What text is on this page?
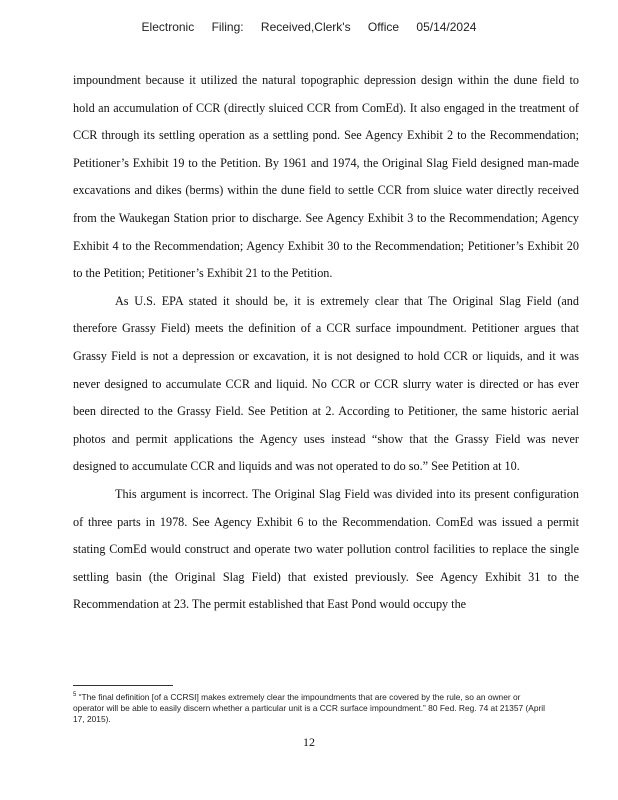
Electronic Filing: Received,Clerk's Office 05/14/2024

impoundment because it utilized the natural topographic depression design within the dune field to hold an accumulation of CCR (directly sluiced CCR from ComEd). It also engaged in the treatment of CCR through its settling operation as a settling pond. See Agency Exhibit 2 to the Recommendation; Petitioner’s Exhibit 19 to the Petition. By 1961 and 1974, the Original Slag Field designed man-made excavations and dikes (berms) within the dune field to settle CCR from sluice water directly received from the Waukegan Station prior to discharge. See Agency Exhibit 3 to the Recommendation; Agency Exhibit 4 to the Recommendation; Agency Exhibit 30 to the Recommendation; Petitioner’s Exhibit 20 to the Petition; Petitioner’s Exhibit 21 to the Petition.

As U.S. EPA stated it should be, it is extremely clear that The Original Slag Field (and therefore Grassy Field) meets the definition of a CCR surface impoundment. Petitioner argues that Grassy Field is not a depression or excavation, it is not designed to hold CCR or liquids, and it was never designed to accumulate CCR and liquid. No CCR or CCR slurry water is directed or has ever been directed to the Grassy Field. See Petition at 2. According to Petitioner, the same historic aerial photos and permit applications the Agency uses instead “show that the Grassy Field was never designed to accumulate CCR and liquids and was not operated to do so.” See Petition at 10.

This argument is incorrect. The Original Slag Field was divided into its present configuration of three parts in 1978. See Agency Exhibit 6 to the Recommendation. ComEd was issued a permit stating ComEd would construct and operate two water pollution control facilities to replace the single settling basin (the Original Slag Field) that existed previously. See Agency Exhibit 31 to the Recommendation at 23. The permit established that East Pond would occupy the

$^5$ “The final definition [of a CCRSI] makes extremely clear the impoundments that are covered by the rule, so an owner or operator will be able to easily discern whether a particular unit is a CCR surface impoundment.” 80 Fed. Reg. 74 at 21357 (April 17, 2015).
12
